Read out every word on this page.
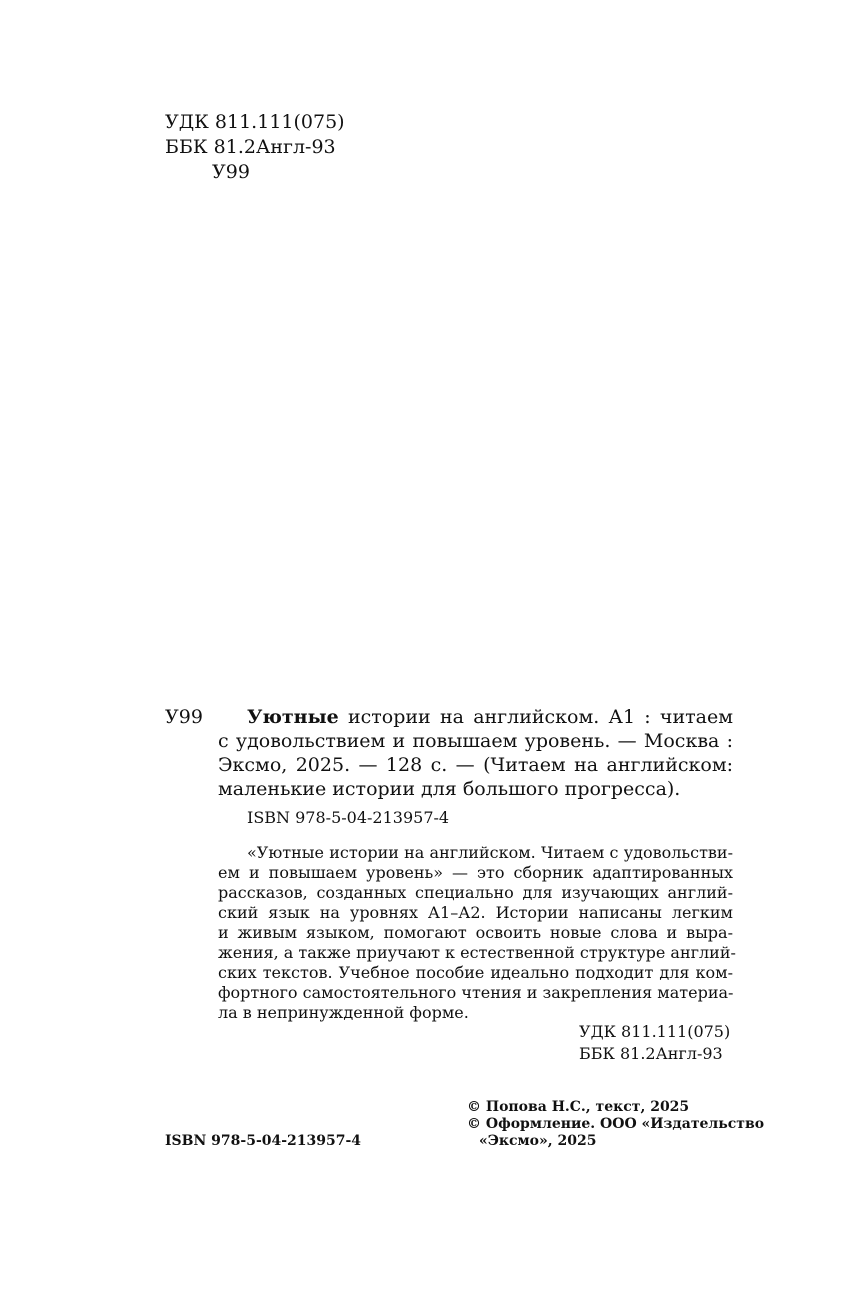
УДК 811.111(075)
ББК 81.2Англ-93
У99
У99 Уютные истории на английском. А1 : читаем
с удовольствием и повышаем уровень. — Москва :
Эксмо, 2025. — 128 с. — (Читаем на английском:
маленькие истории для большого прогресса).
ISBN 978-5-04-213957-4
«Уютные истории на английском. Читаем с удовольстви-
ем и повышаем уровень» — это сборник адаптированных
рассказов, созданных специально для изучающих англий-
ский язык на уровнях А1–А2. Истории написаны легким
и живым языком, помогают освоить новые слова и выра-
жения, а также приучают к естественной структуре англий-
ских текстов. Учебное пособие идеально подходит для ком-
фортного самостоятельного чтения и закрепления материа-
ла в непринужденной форме.
УДК 811.111(075)
ББК 81.2Англ-93
© Попова Н.С., текст, 2025
© Оформление. ООО «Издательство
«Эксмо», 2025
ISBN 978-5-04-213957-4
